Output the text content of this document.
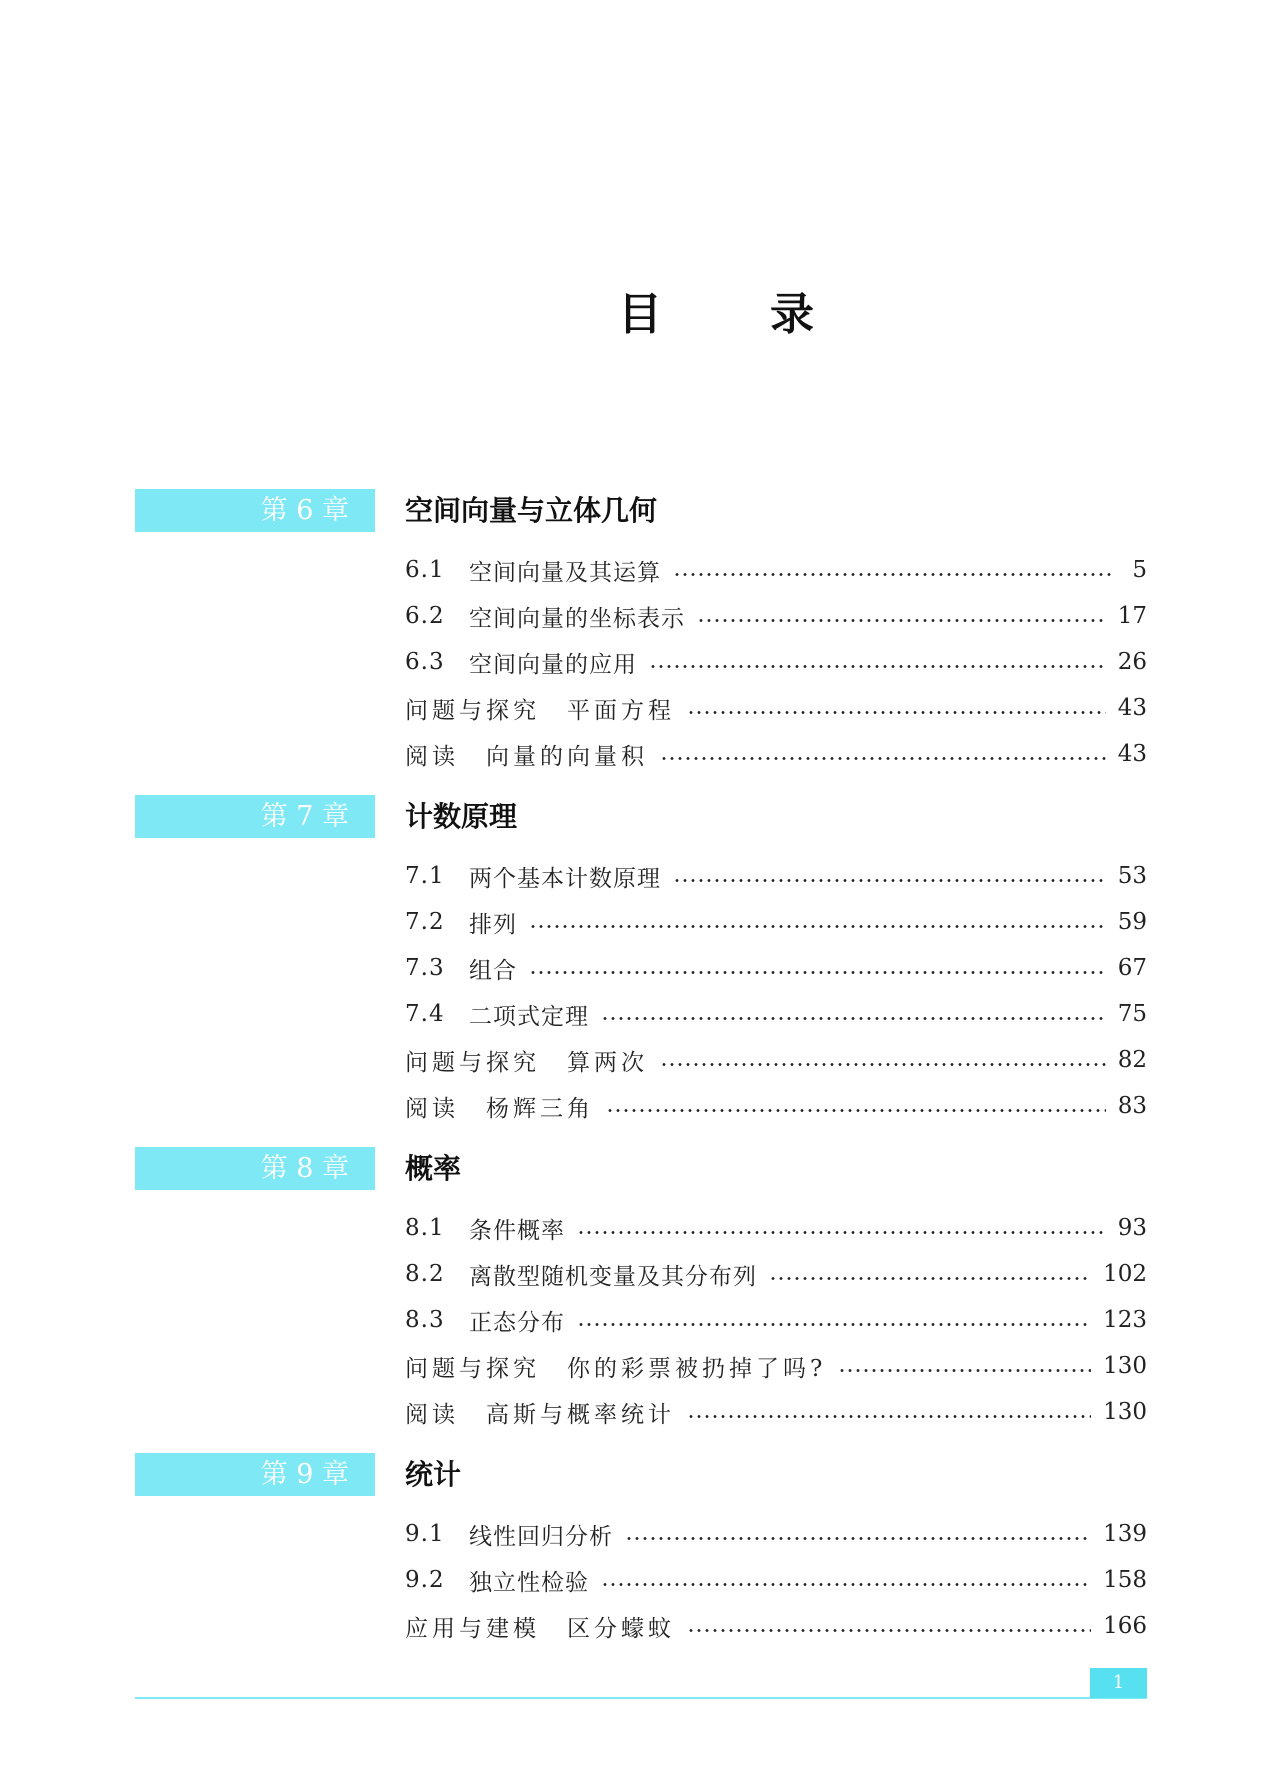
目录
第 6 章	空间向量与立体几何
6.1	空间向量及其运算	5
6.2	空间向量的坐标表示	17
6.3	空间向量的应用	26
问题与探究　平面方程	43
阅读　向量的向量积	43
第 7 章	计数原理
7.1	两个基本计数原理	53
7.2	排列	59
7.3	组合	67
7.4	二项式定理	75
问题与探究　算两次	82
阅读　杨辉三角	83
第 8 章	概率
8.1	条件概率	93
8.2	离散型随机变量及其分布列	102
8.3	正态分布	123
问题与探究　你的彩票被扔掉了吗?	130
阅读　高斯与概率统计	130
第 9 章	统计
9.1	线性回归分析	139
9.2	独立性检验	158
应用与建模　区分蠓蚊	166
1
